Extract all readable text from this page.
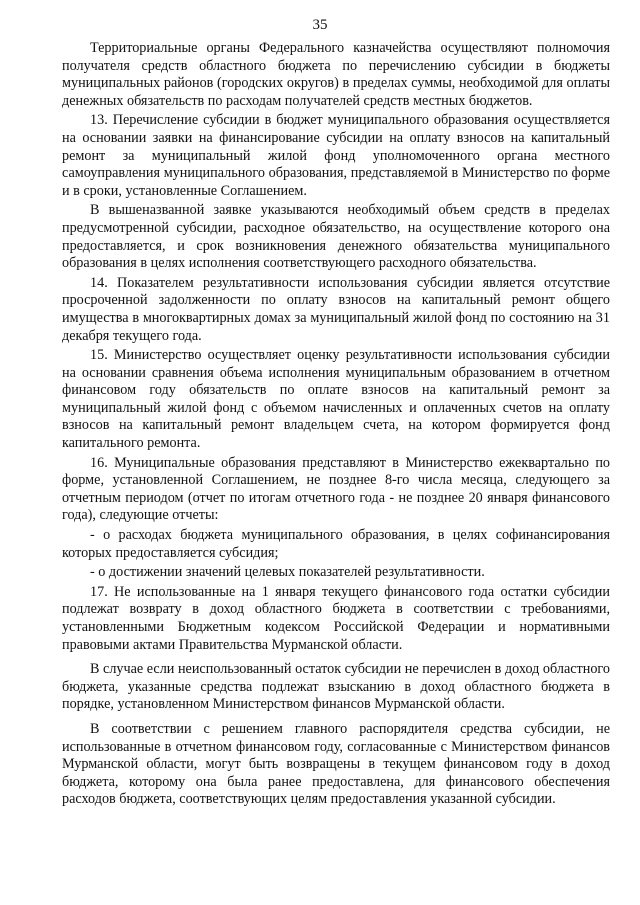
35

Территориальные органы Федерального казначейства осуществляют полномочия получателя средств областного бюджета по перечислению субсидии в бюджеты муниципальных районов (городских округов) в пределах суммы, необходимой для оплаты денежных обязательств по расходам получателей средств местных бюджетов.

13. Перечисление субсидии в бюджет муниципального образования осуществляется на основании заявки на финансирование субсидии на оплату взносов на капитальный ремонт за муниципальный жилой фонд уполномоченного органа местного самоуправления муниципального образования, представляемой в Министерство по форме и в сроки, установленные Соглашением.

В вышеназванной заявке указываются необходимый объем средств в пределах предусмотренной субсидии, расходное обязательство, на осуществление которого она предоставляется, и срок возникновения денежного обязательства муниципального образования в целях исполнения соответствующего расходного обязательства.

14. Показателем результативности использования субсидии является отсутствие просроченной задолженности по оплату взносов на капитальный ремонт общего имущества в многоквартирных домах за муниципальный жилой фонд по состоянию на 31 декабря текущего года.

15. Министерство осуществляет оценку результативности использования субсидии на основании сравнения объема исполнения муниципальным образованием в отчетном финансовом году обязательств по оплате взносов на капитальный ремонт за муниципальный жилой фонд с объемом начисленных и оплаченных счетов на оплату взносов на капитальный ремонт владельцем счета, на котором формируется фонд капитального ремонта.

16. Муниципальные образования представляют в Министерство ежеквартально по форме, установленной Соглашением, не позднее 8-го числа месяца, следующего за отчетным периодом (отчет по итогам отчетного года - не позднее 20 января финансового года), следующие отчеты:

- о расходах бюджета муниципального образования, в целях софинансирования которых предоставляется субсидия;

- о достижении значений целевых показателей результативности.

17. Не использованные на 1 января текущего финансового года остатки субсидии подлежат возврату в доход областного бюджета в соответствии с требованиями, установленными Бюджетным кодексом Российской Федерации и нормативными правовыми актами Правительства Мурманской области.

В случае если неиспользованный остаток субсидии не перечислен в доход областного бюджета, указанные средства подлежат взысканию в доход областного бюджета в порядке, установленном Министерством финансов Мурманской области.

В соответствии с решением главного распорядителя средства субсидии, не использованные в отчетном финансовом году, согласованные с Министерством финансов Мурманской области, могут быть возвращены в текущем финансовом году в доход бюджета, которому она была ранее предоставлена, для финансового обеспечения расходов бюджета, соответствующих целям предоставления указанной субсидии.
